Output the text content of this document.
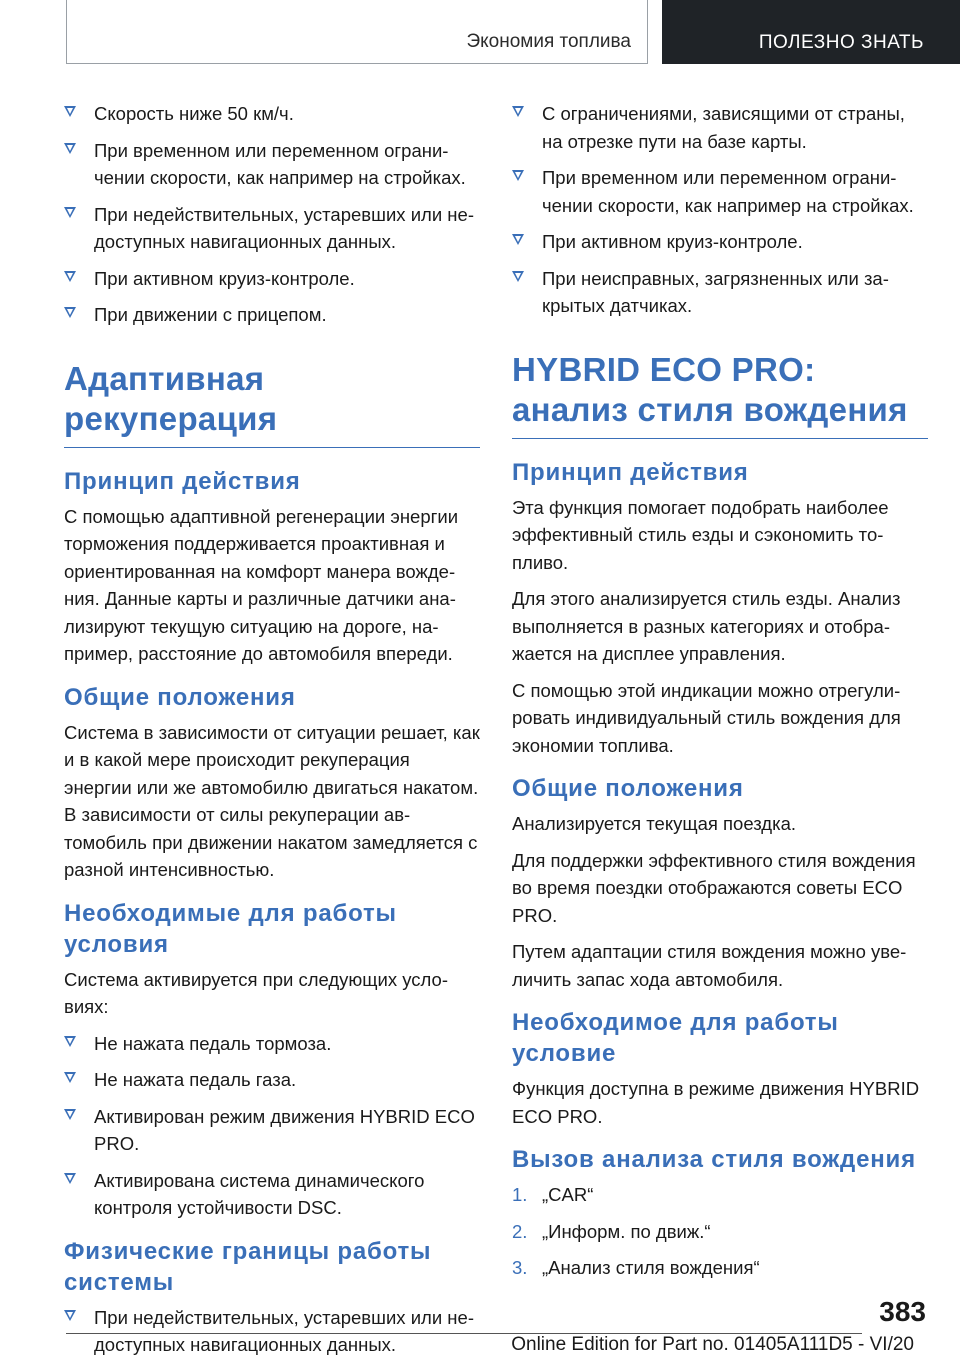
Экономия топлива	ПОЛЕЗНО ЗНАТЬ
Скорость ниже 50 км/ч.
При временном или переменном ограничении скорости, как например на стройках.
При недействительных, устаревших или недоступных навигационных данных.
При активном круиз-контроле.
При движении с прицепом.
Адаптивная рекуперация
Принцип действия

С помощью адаптивной регенерации энергии торможения поддерживается проактивная и ориентированная на комфорт манера вождения. Данные карты и различные датчики анализируют текущую ситуацию на дороге, например, расстояние до автомобиля впереди.

Общие положения

Система в зависимости от ситуации решает, как и в какой мере происходит рекуперация энергии или же автомобилю двигаться накатом. В зависимости от силы рекуперации автомобиль при движении накатом замедляется с разной интенсивностью.

Необходимые для работы условия

Система активируется при следующих условиях:

Не нажата педаль тормоза.
Не нажата педаль газа.
Активирован режим движения HYBRID ECO PRO.
Активирована система динамического контроля устойчивости DSC.
Физические границы работы системы
При недействительных, устаревших или недоступных навигационных данных.
С ограничениями, зависящими от страны, на отрезке пути на базе карты.
При временном или переменном ограничении скорости, как например на стройках.
При активном круиз-контроле.
При неисправных, загрязненных или закрытых датчиках.
HYBRID ECO PRO: анализ стиля вождения
Принцип действия

Эта функция помогает подобрать наиболее эффективный стиль езды и сэкономить топливо.

Для этого анализируется стиль езды. Анализ выполняется в разных категориях и отображается на дисплее управления.

С помощью этой индикации можно отрегулировать индивидуальный стиль вождения для экономии топлива.

Общие положения

Анализируется текущая поездка.

Для поддержки эффективного стиля вождения во время поездки отображаются советы ECO PRO.

Путем адаптации стиля вождения можно увеличить запас хода автомобиля.

Необходимое для работы условие

Функция доступна в режиме движения HYBRID ECO PRO.

Вызов анализа стиля вождения
1. „CAR“
2. „Информ. по движ.“
3. „Анализ стиля вождения“
383
Online Edition for Part no. 01405A111D5 - VI/20
